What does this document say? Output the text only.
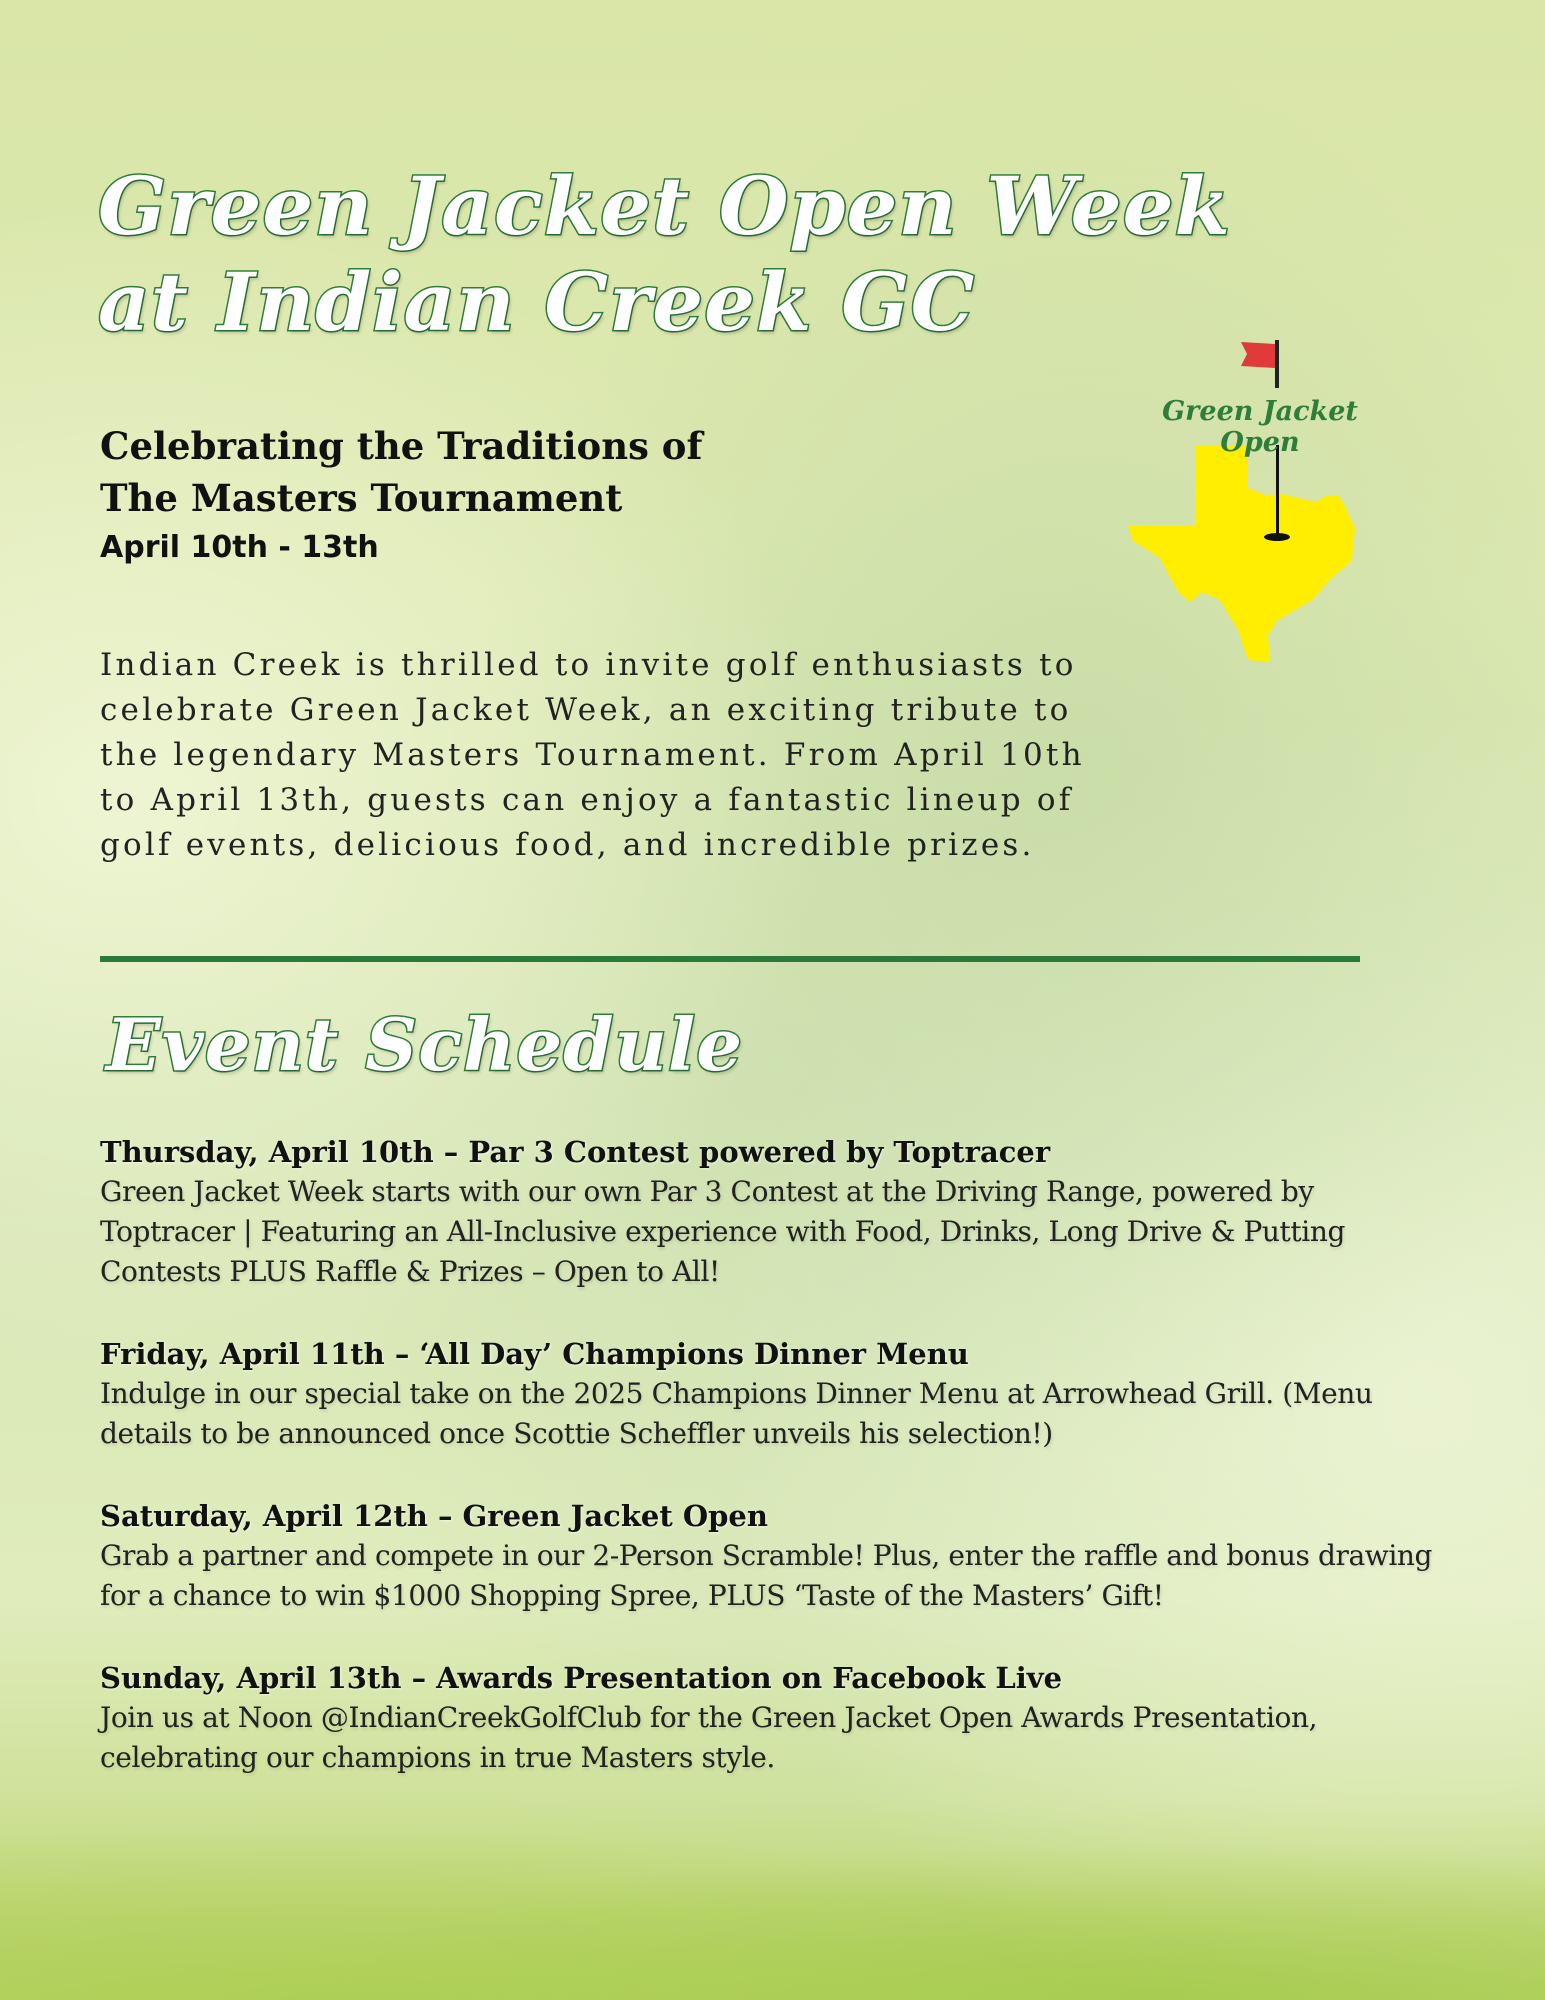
Green Jacket Open Week
at Indian Creek GC

Green Jacket Open

Celebrating the Traditions of
The Masters Tournament

April 10th - 13th

Indian Creek is thrilled to invite golf enthusiasts to
celebrate Green Jacket Week, an exciting tribute to
the legendary Masters Tournament. From April 10th
to April 13th, guests can enjoy a fantastic lineup of
golf events, delicious food, and incredible prizes.

Event Schedule

Thursday, April 10th – Par 3 Contest powered by Toptracer

Green Jacket Week starts with our own Par 3 Contest at the Driving Range, powered by Toptracer | Featuring an All-Inclusive experience with Food, Drinks, Long Drive & Putting Contests PLUS Raffle & Prizes – Open to All!

Friday, April 11th – ‘All Day’ Champions Dinner Menu

Indulge in our special take on the 2025 Champions Dinner Menu at Arrowhead Grill. (Menu details to be announced once Scottie Scheffler unveils his selection!)

Saturday, April 12th – Green Jacket Open

Grab a partner and compete in our 2-Person Scramble! Plus, enter the raffle and bonus drawing for a chance to win $1000 Shopping Spree, PLUS ‘Taste of the Masters’ Gift!

Sunday, April 13th – Awards Presentation on Facebook Live

Join us at Noon @IndianCreekGolfClub for the Green Jacket Open Awards Presentation, celebrating our champions in true Masters style.
